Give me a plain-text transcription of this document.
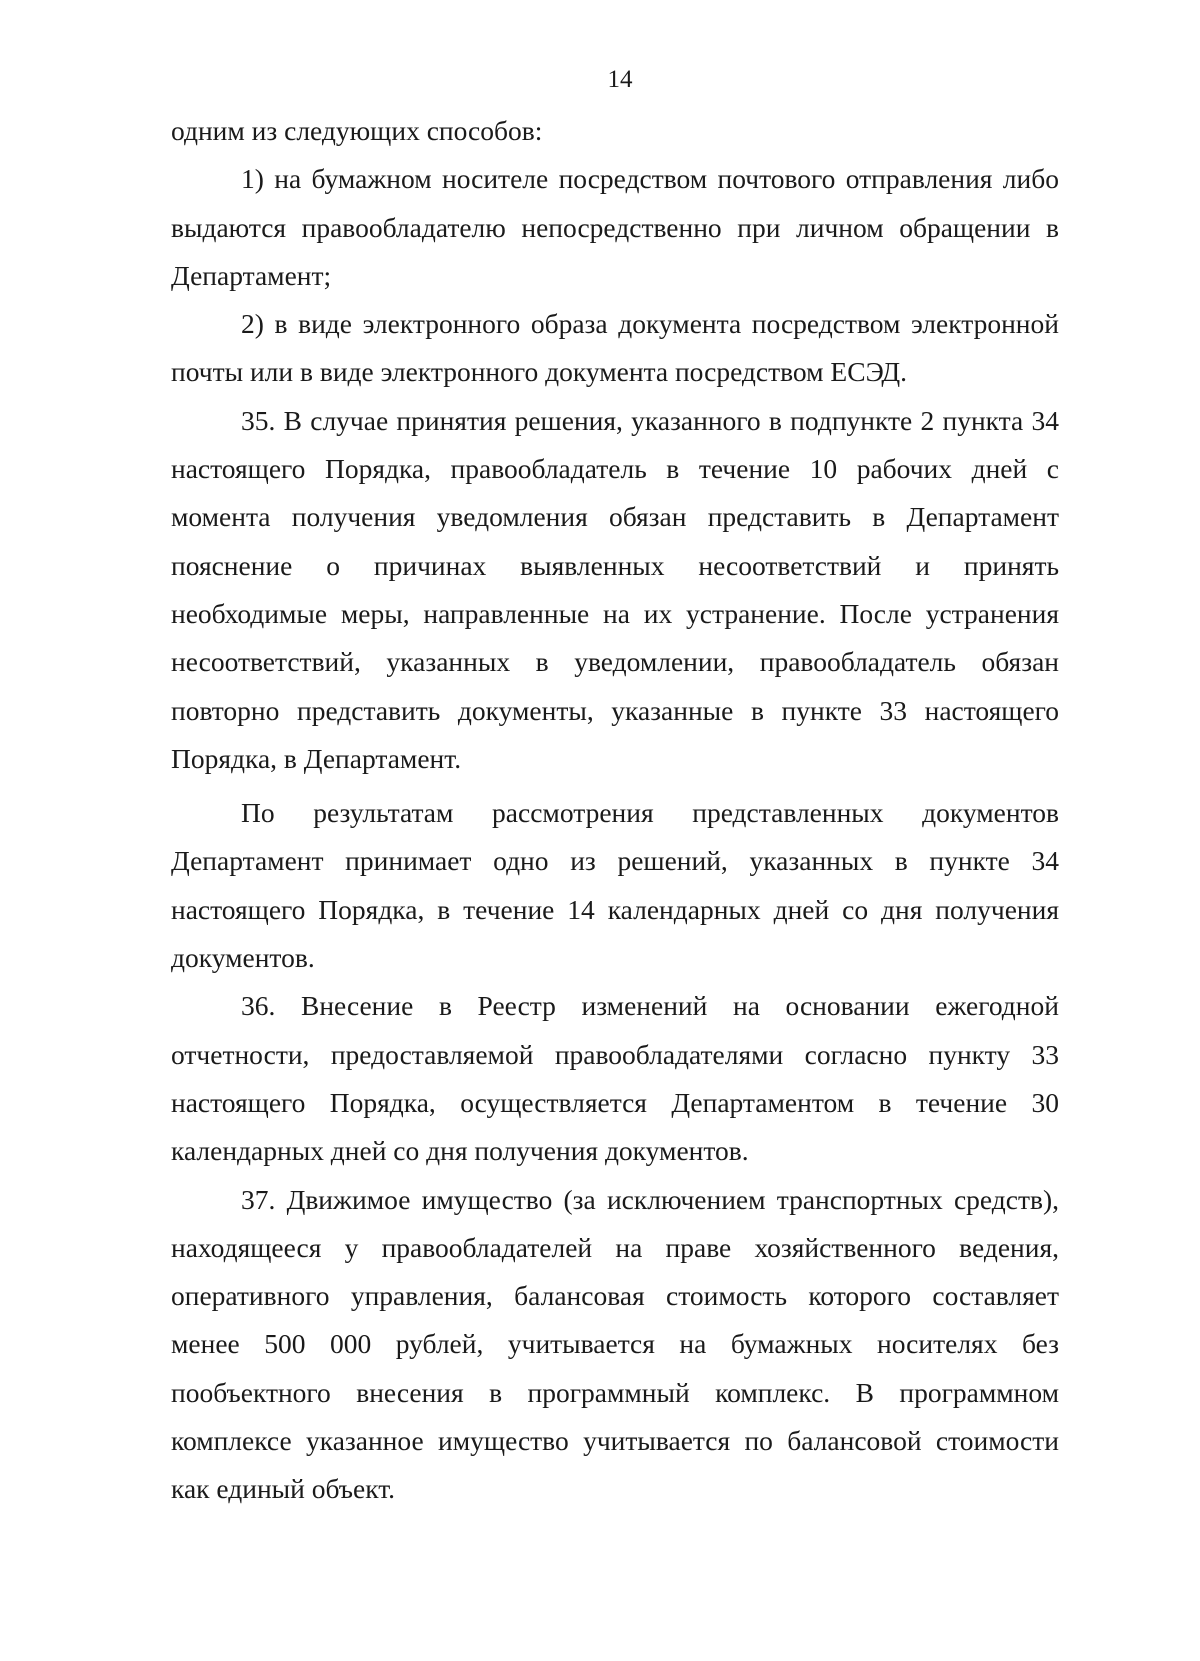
14

одним из следующих способов:

1) на бумажном носителе посредством почтового отправления либо выдаются правообладателю непосредственно при личном обращении в Департамент;

2) в виде электронного образа документа посредством электронной почты или в виде электронного документа посредством ЕСЭД.

35. В случае принятия решения, указанного в подпункте 2 пункта 34 настоящего Порядка, правообладатель в течение 10 рабочих дней с момента получения уведомления обязан представить в Департамент пояснение о причинах выявленных несоответствий и принять необходимые меры, направленные на их устранение. После устранения несоответствий, указанных в уведомлении, правообладатель обязан повторно представить документы, указанные в пункте 33 настоящего Порядка, в Департамент.

По результатам рассмотрения представленных документов Департамент принимает одно из решений, указанных в пункте 34 настоящего Порядка, в течение 14 календарных дней со дня получения документов.

36. Внесение в Реестр изменений на основании ежегодной отчетности, предоставляемой правообладателями согласно пункту 33 настоящего Порядка, осуществляется Департаментом в течение 30 календарных дней со дня получения документов.

37. Движимое имущество (за исключением транспортных средств), находящееся у правообладателей на праве хозяйственного ведения, оперативного управления, балансовая стоимость которого составляет менее 500 000 рублей, учитывается на бумажных носителях без пообъектного внесения в программный комплекс. В программном комплексе указанное имущество учитывается по балансовой стоимости как единый объект.
